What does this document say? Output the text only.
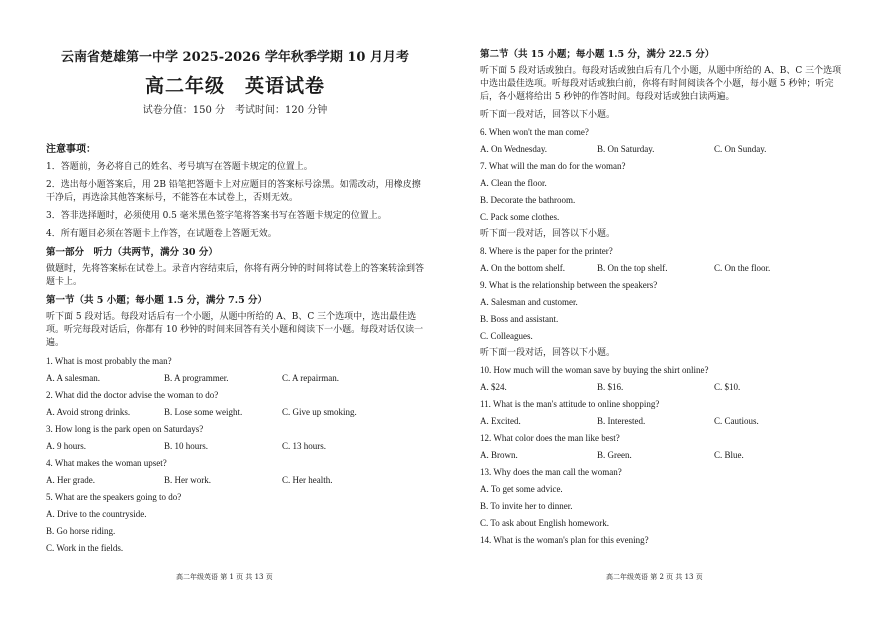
云南省楚雄第一中学 2025-2026 学年秋季学期 10 月月考
高二年级　英语试卷
试卷分值：150 分　考试时间：120 分钟
注意事项：
1．答题前，务必将自己的姓名、考号填写在答题卡规定的位置上。
2．选出每小题答案后，用 2B 铅笔把答题卡上对应题目的答案标号涂黑。如需改动，用橡皮擦干净后，再选涂其他答案标号，不能答在本试卷上，否则无效。
3．答非选择题时，必须使用 0.5 毫米黑色签字笔将答案书写在答题卡规定的位置上。
4．所有题目必须在答题卡上作答，在试题卷上答题无效。
第一部分　听力（共两节，满分 30 分）
做题时，先将答案标在试卷上。录音内容结束后，你将有两分钟的时间将试卷上的答案转涂到答题卡上。
第一节（共 5 小题；每小题 1.5 分，满分 7.5 分）
听下面 5 段对话。每段对话后有一个小题，从题中所给的 A、B、C 三个选项中，选出最佳选项。听完每段对话后，你都有 10 秒钟的时间来回答有关小题和阅读下一小题。每段对话仅读一遍。
1. What is most probably the man?
A. A salesman.	B. A programmer.	C. A repairman.
2. What did the doctor advise the woman to do?
A. Avoid strong drinks.	B. Lose some weight.	C. Give up smoking.
3. How long is the park open on Saturdays?
A. 9 hours.	B. 10 hours.	C. 13 hours.
4. What makes the woman upset?
A. Her grade.	B. Her work.	C. Her health.
5. What are the speakers going to do?
A. Drive to the countryside.
B. Go horse riding.
C. Work in the fields.
第二节（共 15 小题；每小题 1.5 分，满分 22.5 分）
听下面 5 段对话或独白。每段对话或独白后有几个小题，从题中所给的 A、B、C 三个选项中选出最佳选项。听每段对话或独白前，你将有时间阅读各个小题，每小题 5 秒钟；听完后，各小题将给出 5 秒钟的作答时间。每段对话或独白读两遍。
听下面一段对话，回答以下小题。
6. When won't the man come?
A. On Wednesday.	B. On Saturday.	C. On Sunday.
7. What will the man do for the woman?
A. Clean the floor.
B. Decorate the bathroom.
C. Pack some clothes.
听下面一段对话，回答以下小题。
8. Where is the paper for the printer?
A. On the bottom shelf.	B. On the top shelf.	C. On the floor.
9. What is the relationship between the speakers?
A. Salesman and customer.
B. Boss and assistant.
C. Colleagues.
听下面一段对话，回答以下小题。
10. How much will the woman save by buying the shirt online?
A. $24.	B. $16.	C. $10.
11. What is the man's attitude to online shopping?
A. Excited.	B. Interested.	C. Cautious.
12. What color does the man like best?
A. Brown.	B. Green.	C. Blue.
13. Why does the man call the woman?
A. To get some advice.
B. To invite her to dinner.
C. To ask about English homework.
14. What is the woman's plan for this evening?
高二年级英语 第 1 页 共 13 页	高二年级英语 第 2 页 共 13 页
